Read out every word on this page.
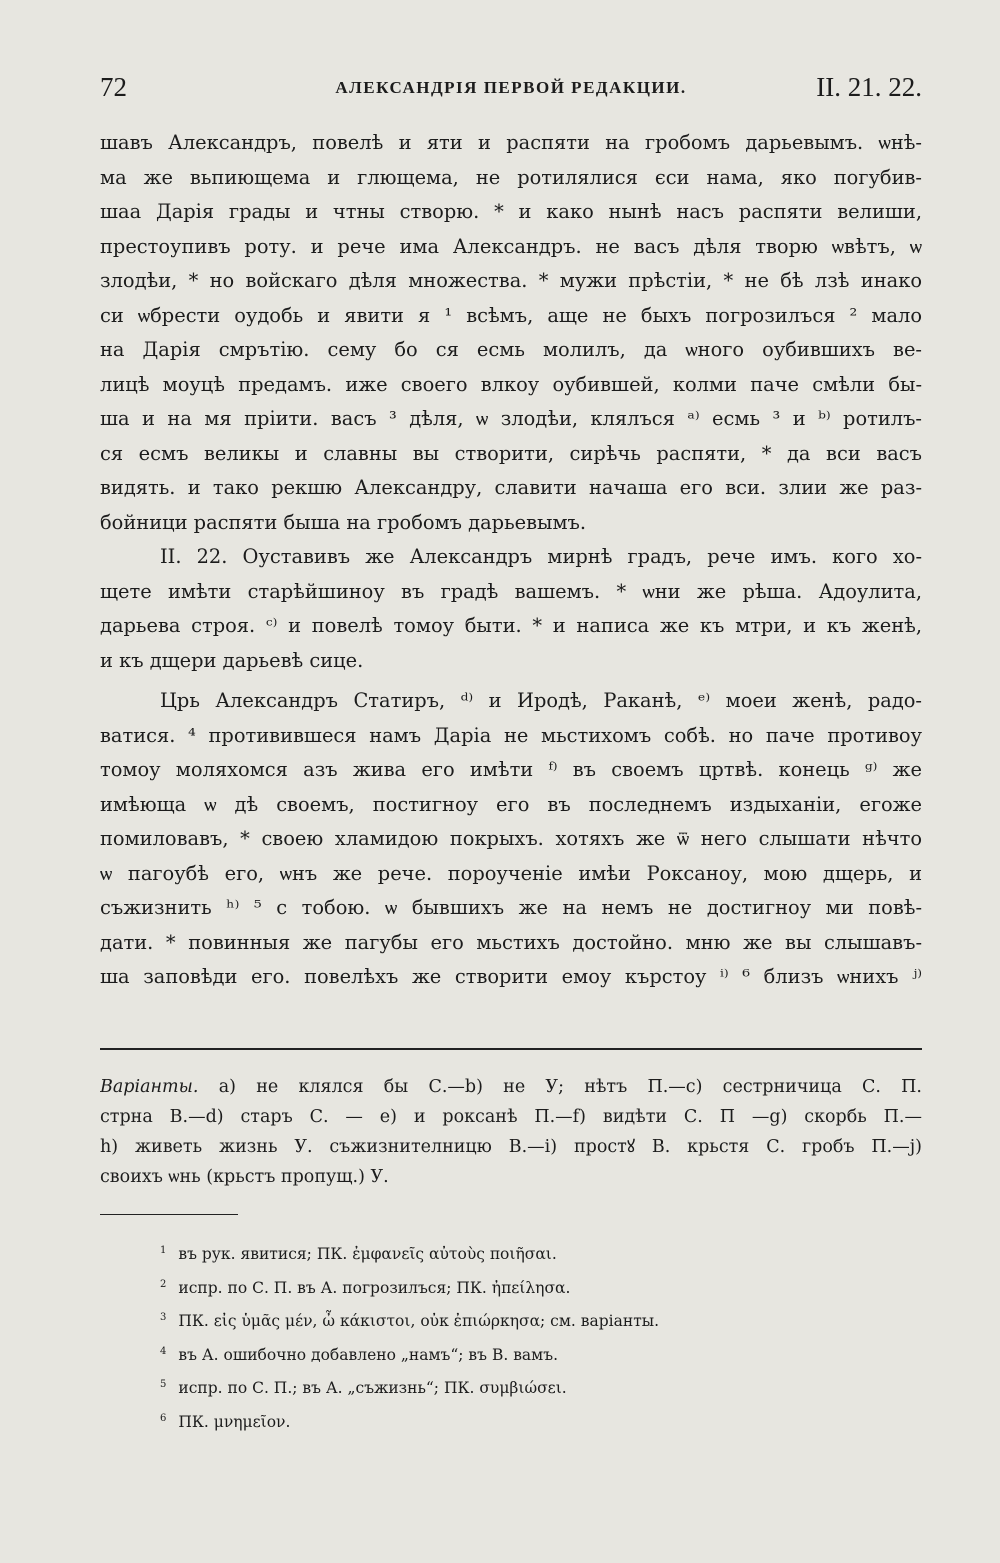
72	АЛЕКСАНДРІЯ ПЕРВОЙ РЕДАКЦИИ.	II. 21. 22.
шавъ Александръ, повелѣ и яти и распяти на гробомъ дарьевымъ. ѡнѣ-
ма же вьпиющема и глющема, не ротилялися єси нама, яко погубив-
шаа Дарія грады и чтны створю. * и како нынѣ насъ распяти велиши,
престоупивъ роту. и рече има Александръ. не васъ дѣля творю ѡвѣтъ, ѡ
злодѣи, * но войскаго дѣля множества. * мужи прѣстіи, * не бѣ лзѣ инако
си ѡбрести оудобь и явити я ¹ всѣмъ, аще не быхъ погрозилъся ² мало
на Дарія смрътію. сему бо ся есмь молилъ, да ѡного оубившихъ ве-
лицѣ моуцѣ предамъ. иже своего влкоу оубившей, колми паче смѣли бы-
ша и на мя пріити. васъ ³ дѣля, ѡ злодѣи, клялъся ᵃ⁾ есмь ³ и ᵇ⁾ ротилъ-
ся есмъ великы и славны вы створити, сирѣчь распяти, * да вси васъ
видять. и тако рекшю Александру, славити начаша его вси. злии же раз-
бойници распяти быша на гробомъ дарьевымъ.
II. 22. Оуставивъ же Александръ мирнѣ градъ, рече имъ. кого хо-
щете имѣти старѣйшиноу въ градѣ вашемъ. * ѡни же рѣша. Адоулита,
дарьева строя. ᶜ⁾ и повелѣ томоу быти. * и написа же къ мтри, и къ женѣ,
и къ дщери дарьевѣ сице.
Црь Александръ Статиръ, ᵈ⁾ и Иродѣ, Раканѣ, ᵉ⁾ моеи женѣ, радо-
ватися. ⁴ противившеся намъ Даріа не мьстихомъ собѣ. но паче противоу
томоу моляхомся азъ жива его имѣти ᶠ⁾ въ своемъ цртвѣ. конець ᵍ⁾ же
имѣюща ѡ дѣ своемъ, постигноу его въ последнемъ издыханіи, егоже
помиловавъ, * своею хламидою покрыхъ. хотяхъ же ѿ него слышати нѣчто
ѡ пагоубѣ его, ѡнъ же рече. пороученіе имѣи Роксаноу, мою дщерь, и
съжизнить ʰ⁾ ⁵ с тобою. ѡ бывшихъ же на немъ не достигноу ми повѣ-
дати. * повинныя же пагубы его мьстихъ достойно. мню же вы слышавъ-
ша заповѣди его. повелѣхъ же створити емоу кърстоу ⁱ⁾ ⁶ близъ ѡнихъ ʲ⁾
Варіанты. а) не клялся бы С.—b) не У; нѣтъ П.—c) сестрничица С. П.
стрна В.—d) старъ С. — e) и роксанѣ П.—f) видѣти С. П —g) скорбь П.—
h) живеть жизнь У. съжизнителницю В.—i) простꙋ В. крьстя С. гробъ П.—j)
своихъ ѡнь (крьстъ пропущ.) У.
$^1$ въ рук. явитися; ПК. ἐμφανεῖς αὐτοὺς ποιῆσαι.
$^2$ испр. по С. П. въ А. погрозилъся; ПК. ἠπείλησα.
$^3$ ПК. εἰς ὑμᾶς μέν, ὦ κάκιστοι, οὐκ ἐπιώρκησα; см. варіанты.
$^4$ въ А. ошибочно добавлено „намъ“; въ В. вамъ.
$^5$ испр. по С. П.; въ А. „съжизнь“; ПК. συμβιώσει.
$^6$ ПК. μνημεῖον.
